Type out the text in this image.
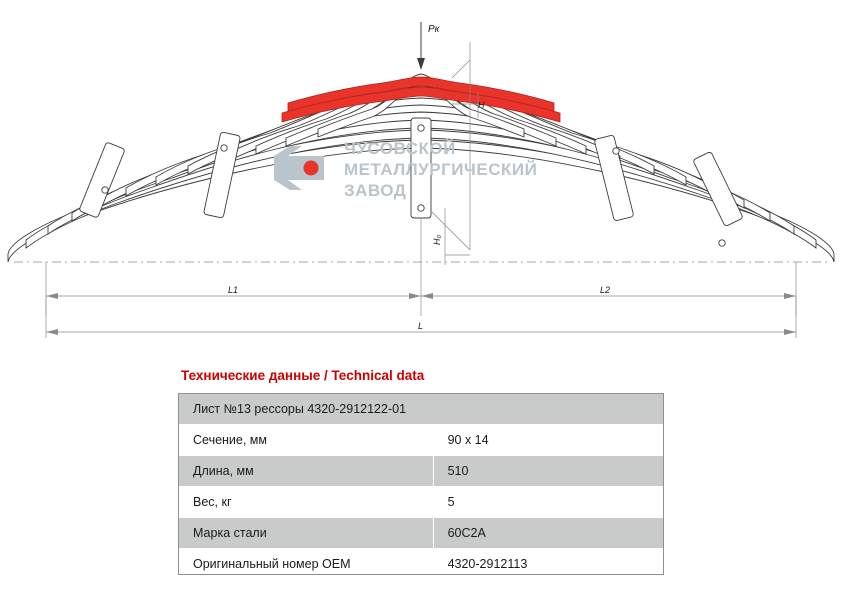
Pк
L1	L2
L
H
H₀
ЧУСОВСКОЙ
МЕТАЛЛУРГИЧЕСКИЙ
ЗАВОД
Технические данные / Technical data
Лист №13 рессоры 4320-2912122-01	
Сечение, мм	90 х 14
Длина, мм	510
Вес, кг	5
Марка стали	60С2А
Оригинальный номер OEM	4320-2912113
